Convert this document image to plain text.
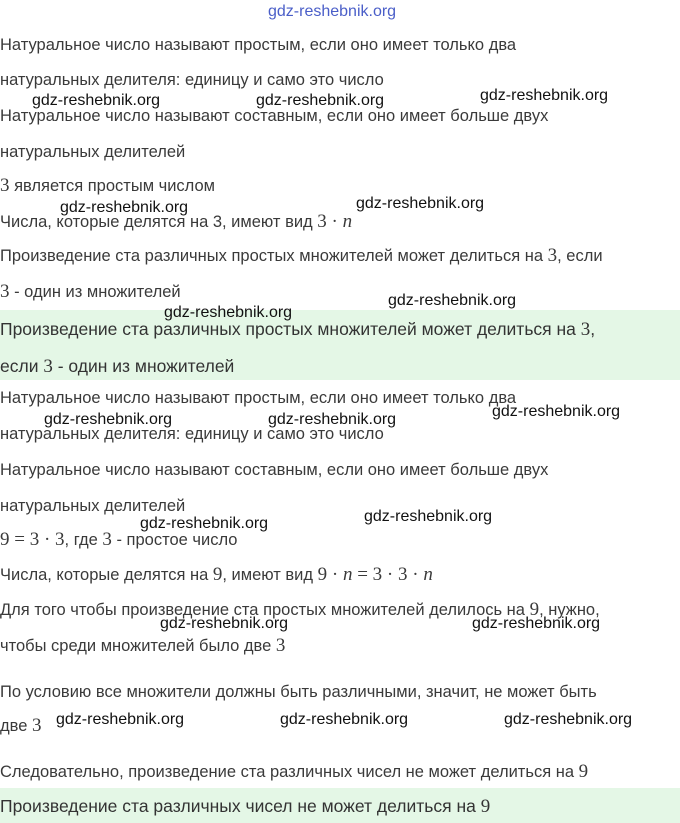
gdz-reshebnik.org
Натуральное число называют простым, если оно имеет только два
натуральных делителя: единицу и само это число
Натуральное число называют составным, если оно имеет больше двух
натуральных делителей
3 является простым числом
Числа, которые делятся на 3, имеют вид 3 · n
Произведение ста различных простых множителей может делиться на 3, если
3 - один из множителей
Произведение ста различных простых множителей может делиться на 3,
если 3 - один из множителей
Натуральное число называют простым, если оно имеет только два
натуральных делителя: единицу и само это число
Натуральное число называют составным, если оно имеет больше двух
натуральных делителей
9 = 3 · 3, где 3 - простое число
Числа, которые делятся на 9, имеют вид 9 · n = 3 · 3 · n
Для того чтобы произведение ста простых множителей делилось на 9, нужно,
чтобы среди множителей было две 3
По условию все множители должны быть различными, значит, не может быть
две 3
Следовательно, произведение ста различных чисел не может делиться на 9
Произведение ста различных чисел не может делиться на 9
gdz-reshebnik.org	gdz-reshebnik.org	gdz-reshebnik.org
gdz-reshebnik.org	gdz-reshebnik.org
gdz-reshebnik.org
gdz-reshebnik.org
gdz-reshebnik.org	gdz-reshebnik.org	gdz-reshebnik.org
gdz-reshebnik.org	gdz-reshebnik.org
gdz-reshebnik.org	gdz-reshebnik.org
gdz-reshebnik.org	gdz-reshebnik.org	gdz-reshebnik.org
